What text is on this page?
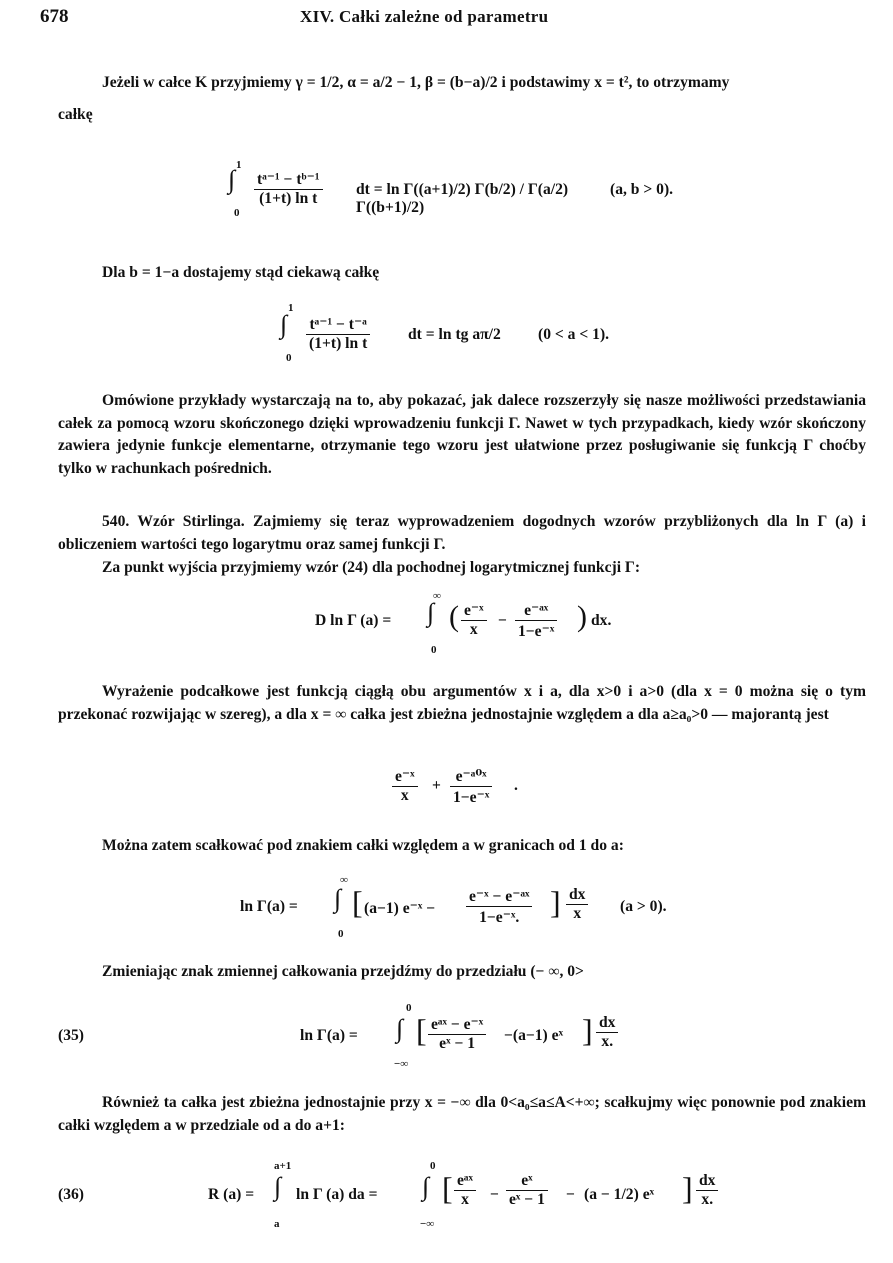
678	XIV. Całki zależne od parametru
Jeżeli w całce K przyjmiemy γ = 1/2, α = a/2 − 1, β = (b−a)/2 i podstawimy x = t², to otrzymamy
całkę
1
∫
0
$\frac{\text{tᵃ⁻¹ − tᵇ⁻¹}}{\text{(1+t) ln t}}$ dt = ln Γ((a+1)/2) Γ(b/2) / Γ(a/2) Γ((b+1)/2)
(a, b > 0).
Dla b = 1−a dostajemy stąd ciekawą całkę
1
∫
0
$\frac{\text{tᵃ⁻¹ − t⁻ᵃ}}{\text{(1+t) ln t}}$ dt = ln tg aπ/2 (0 < a < 1).
Omówione przykłady wystarczają na to, aby pokazać, jak dalece rozszerzyły się nasze możliwości przedstawiania całek za pomocą wzoru skończonego dzięki wprowadzeniu funkcji Γ. Nawet w tych przypadkach, kiedy wzór skończony zawiera jedynie funkcje elementarne, otrzymanie tego wzoru jest ułatwione przez posługiwanie się funkcją Γ choćby tylko w rachunkach pośrednich.
540. Wzór Stirlinga. Zajmiemy się teraz wyprowadzeniem dogodnych wzorów przybliżonych dla ln Γ (a) i obliczeniem wartości tego logarytmu oraz samej funkcji Γ.
Za punkt wyjścia przyjmiemy wzór (24) dla pochodnej logarytmicznej funkcji Γ:
D ln Γ (a) =
∞
∫
0
( $\frac{\text{e⁻ˣ}}{x} - \frac{\text{e⁻ᵃˣ}}{\text{1−e⁻ˣ}}$ ) dx.
Wyrażenie podcałkowe jest funkcją ciągłą obu argumentów x i a, dla x>0 i a>0 (dla x = 0 można się o tym przekonać rozwijając w szereg), a dla x = ∞ całka jest zbieżna jednostajnie względem a dla a≥a₀>0 — majorantą jest
$\frac{\text{e⁻ˣ}}{x} + \frac{\text{e⁻ᵃ⁰ˣ}}{\text{1−e⁻ˣ}}$ .
Można zatem scałkować pod znakiem całki względem a w granicach od 1 do a:
ln Γ(a) =
∞
∫
0
[ (a−1) e⁻ˣ − $\frac{\text{e⁻ˣ − e⁻ᵃˣ}}{\text{1−e⁻ˣ.}}$ ] $\frac{dx}{x} (a > 0)$.
Zmieniając znak zmiennej całkowania przejdźmy do przedziału (− ∞, 0>
(35)	ln Γ(a) =
0
∫
−∞
[ eᵃˣ − e⁻ˣ
eˣ − 1	−(a−1) eˣ ] $\frac{dx}{x.}$
Również ta całka jest zbieżna jednostajnie przy x = −∞ dla 0<a₀≤a≤A<+∞; scałkujmy więc ponownie pod znakiem całki względem a w przedziale od a do a+1:
(36)	R (a) =
a+1
∫
a
ln Γ (a) da =
0
∫
−∞
[ eᵃˣ
x	− $\frac{\text{eˣ}}{\text{eˣ − 1}} - (a - 1/2)$ eˣ ] $\frac{dx}{x.}$
